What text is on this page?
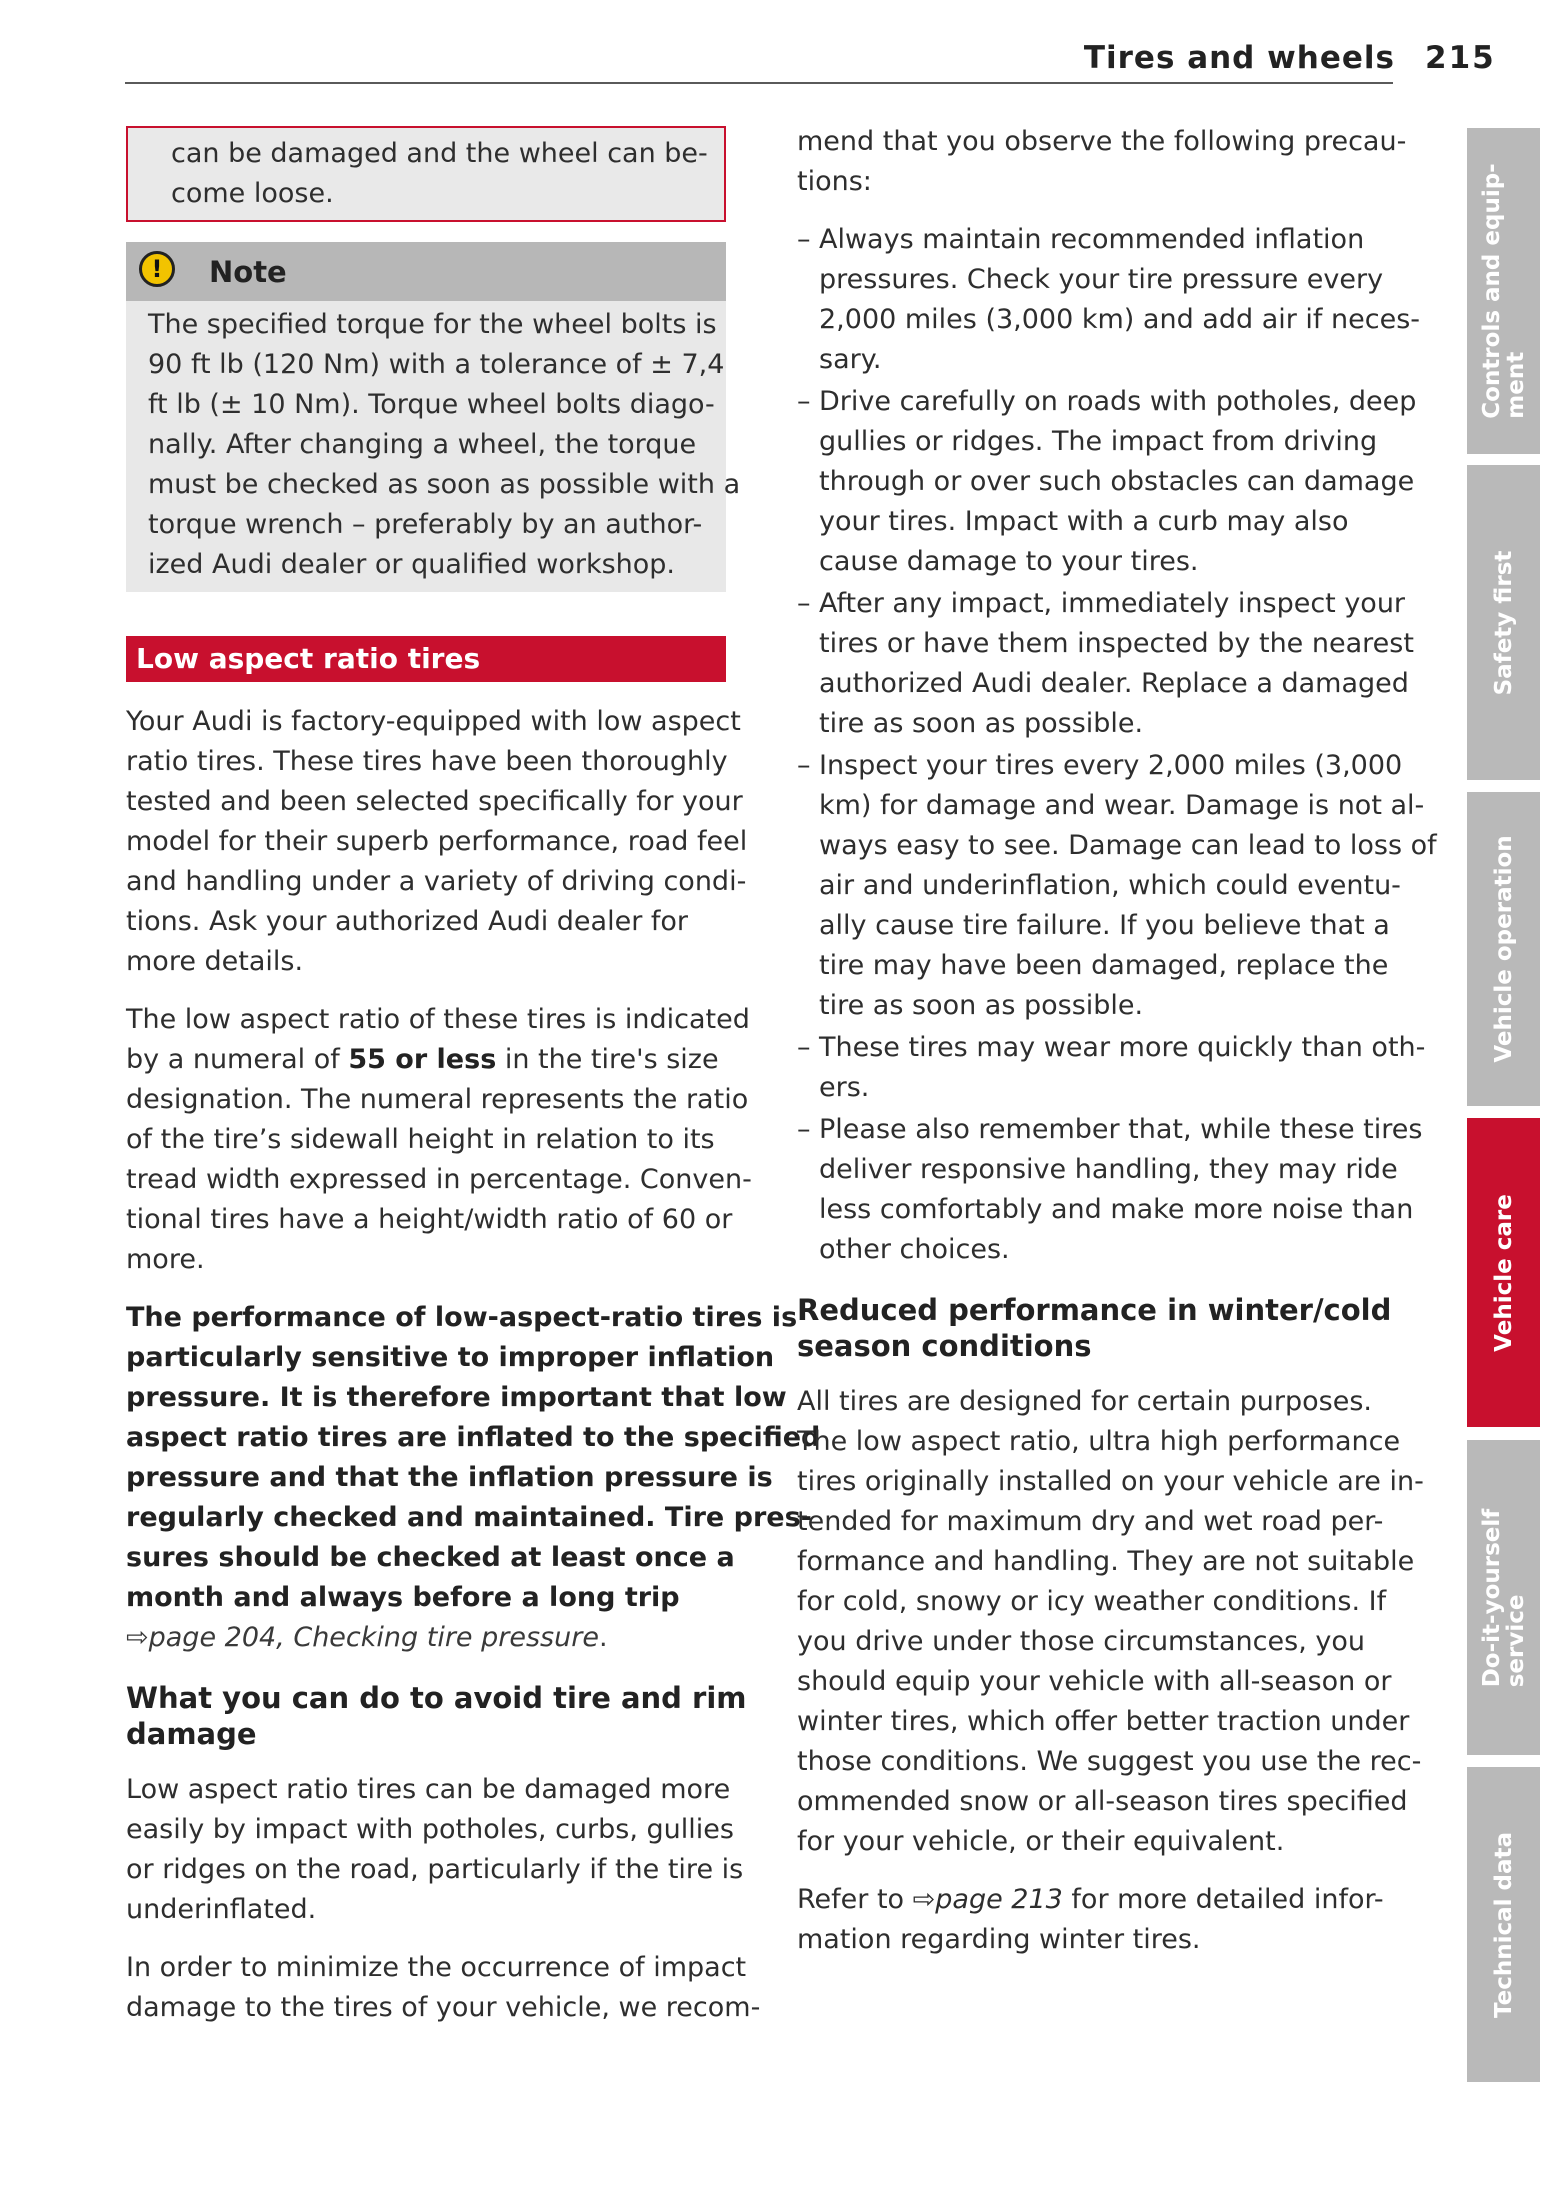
Tires and wheels 215
can be damaged and the wheel can be-
come loose.
!	Note
The specified torque for the wheel bolts is
90 ft lb (120 Nm) with a tolerance of ± 7,4
ft lb (± 10 Nm). Torque wheel bolts diago-
nally. After changing a wheel, the torque
must be checked as soon as possible with a
torque wrench – preferably by an author-
ized Audi dealer or qualified workshop.
Low aspect ratio tires

Your Audi is factory-equipped with low aspect
ratio tires. These tires have been thoroughly
tested and been selected specifically for your
model for their superb performance, road feel
and handling under a variety of driving condi-
tions. Ask your authorized Audi dealer for
more details.

The low aspect ratio of these tires is indicated
by a numeral of 55 or less in the tire's size
designation. The numeral represents the ratio
of the tire’s sidewall height in relation to its
tread width expressed in percentage. Conven-
tional tires have a height/width ratio of 60 or
more.

The performance of low-aspect-ratio tires is
particularly sensitive to improper inflation
pressure. It is therefore important that low
aspect ratio tires are inflated to the specified
pressure and that the inflation pressure is
regularly checked and maintained. Tire pres-
sures should be checked at least once a
month and always before a long trip
⇨page 204, Checking tire pressure.

What you can do to avoid tire and rim
damage

Low aspect ratio tires can be damaged more
easily by impact with potholes, curbs, gullies
or ridges on the road, particularly if the tire is
underinflated.

In order to minimize the occurrence of impact
damage to the tires of your vehicle, we recom-

mend that you observe the following precau-
tions:

– Always maintain recommended inflation
pressures. Check your tire pressure every
2,000 miles (3,000 km) and add air if neces-
sary.
– Drive carefully on roads with potholes, deep
gullies or ridges. The impact from driving
through or over such obstacles can damage
your tires. Impact with a curb may also
cause damage to your tires.
– After any impact, immediately inspect your
tires or have them inspected by the nearest
authorized Audi dealer. Replace a damaged
tire as soon as possible.
– Inspect your tires every 2,000 miles (3,000
km) for damage and wear. Damage is not al-
ways easy to see. Damage can lead to loss of
air and underinflation, which could eventu-
ally cause tire failure. If you believe that a
tire may have been damaged, replace the
tire as soon as possible.
– These tires may wear more quickly than oth-
ers.
– Please also remember that, while these tires
deliver responsive handling, they may ride
less comfortably and make more noise than
other choices.
Reduced performance in winter/cold
season conditions

All tires are designed for certain purposes.
The low aspect ratio, ultra high performance
tires originally installed on your vehicle are in-
tended for maximum dry and wet road per-
formance and handling. They are not suitable
for cold, snowy or icy weather conditions. If
you drive under those circumstances, you
should equip your vehicle with all-season or
winter tires, which offer better traction under
those conditions. We suggest you use the rec-
ommended snow or all-season tires specified
for your vehicle, or their equivalent.

Refer to ⇨page 213 for more detailed infor-
mation regarding winter tires.

Controls and equip-
ment
Safety first
Vehicle operation
Vehicle care
Do-it-yourself
service
Technical data
